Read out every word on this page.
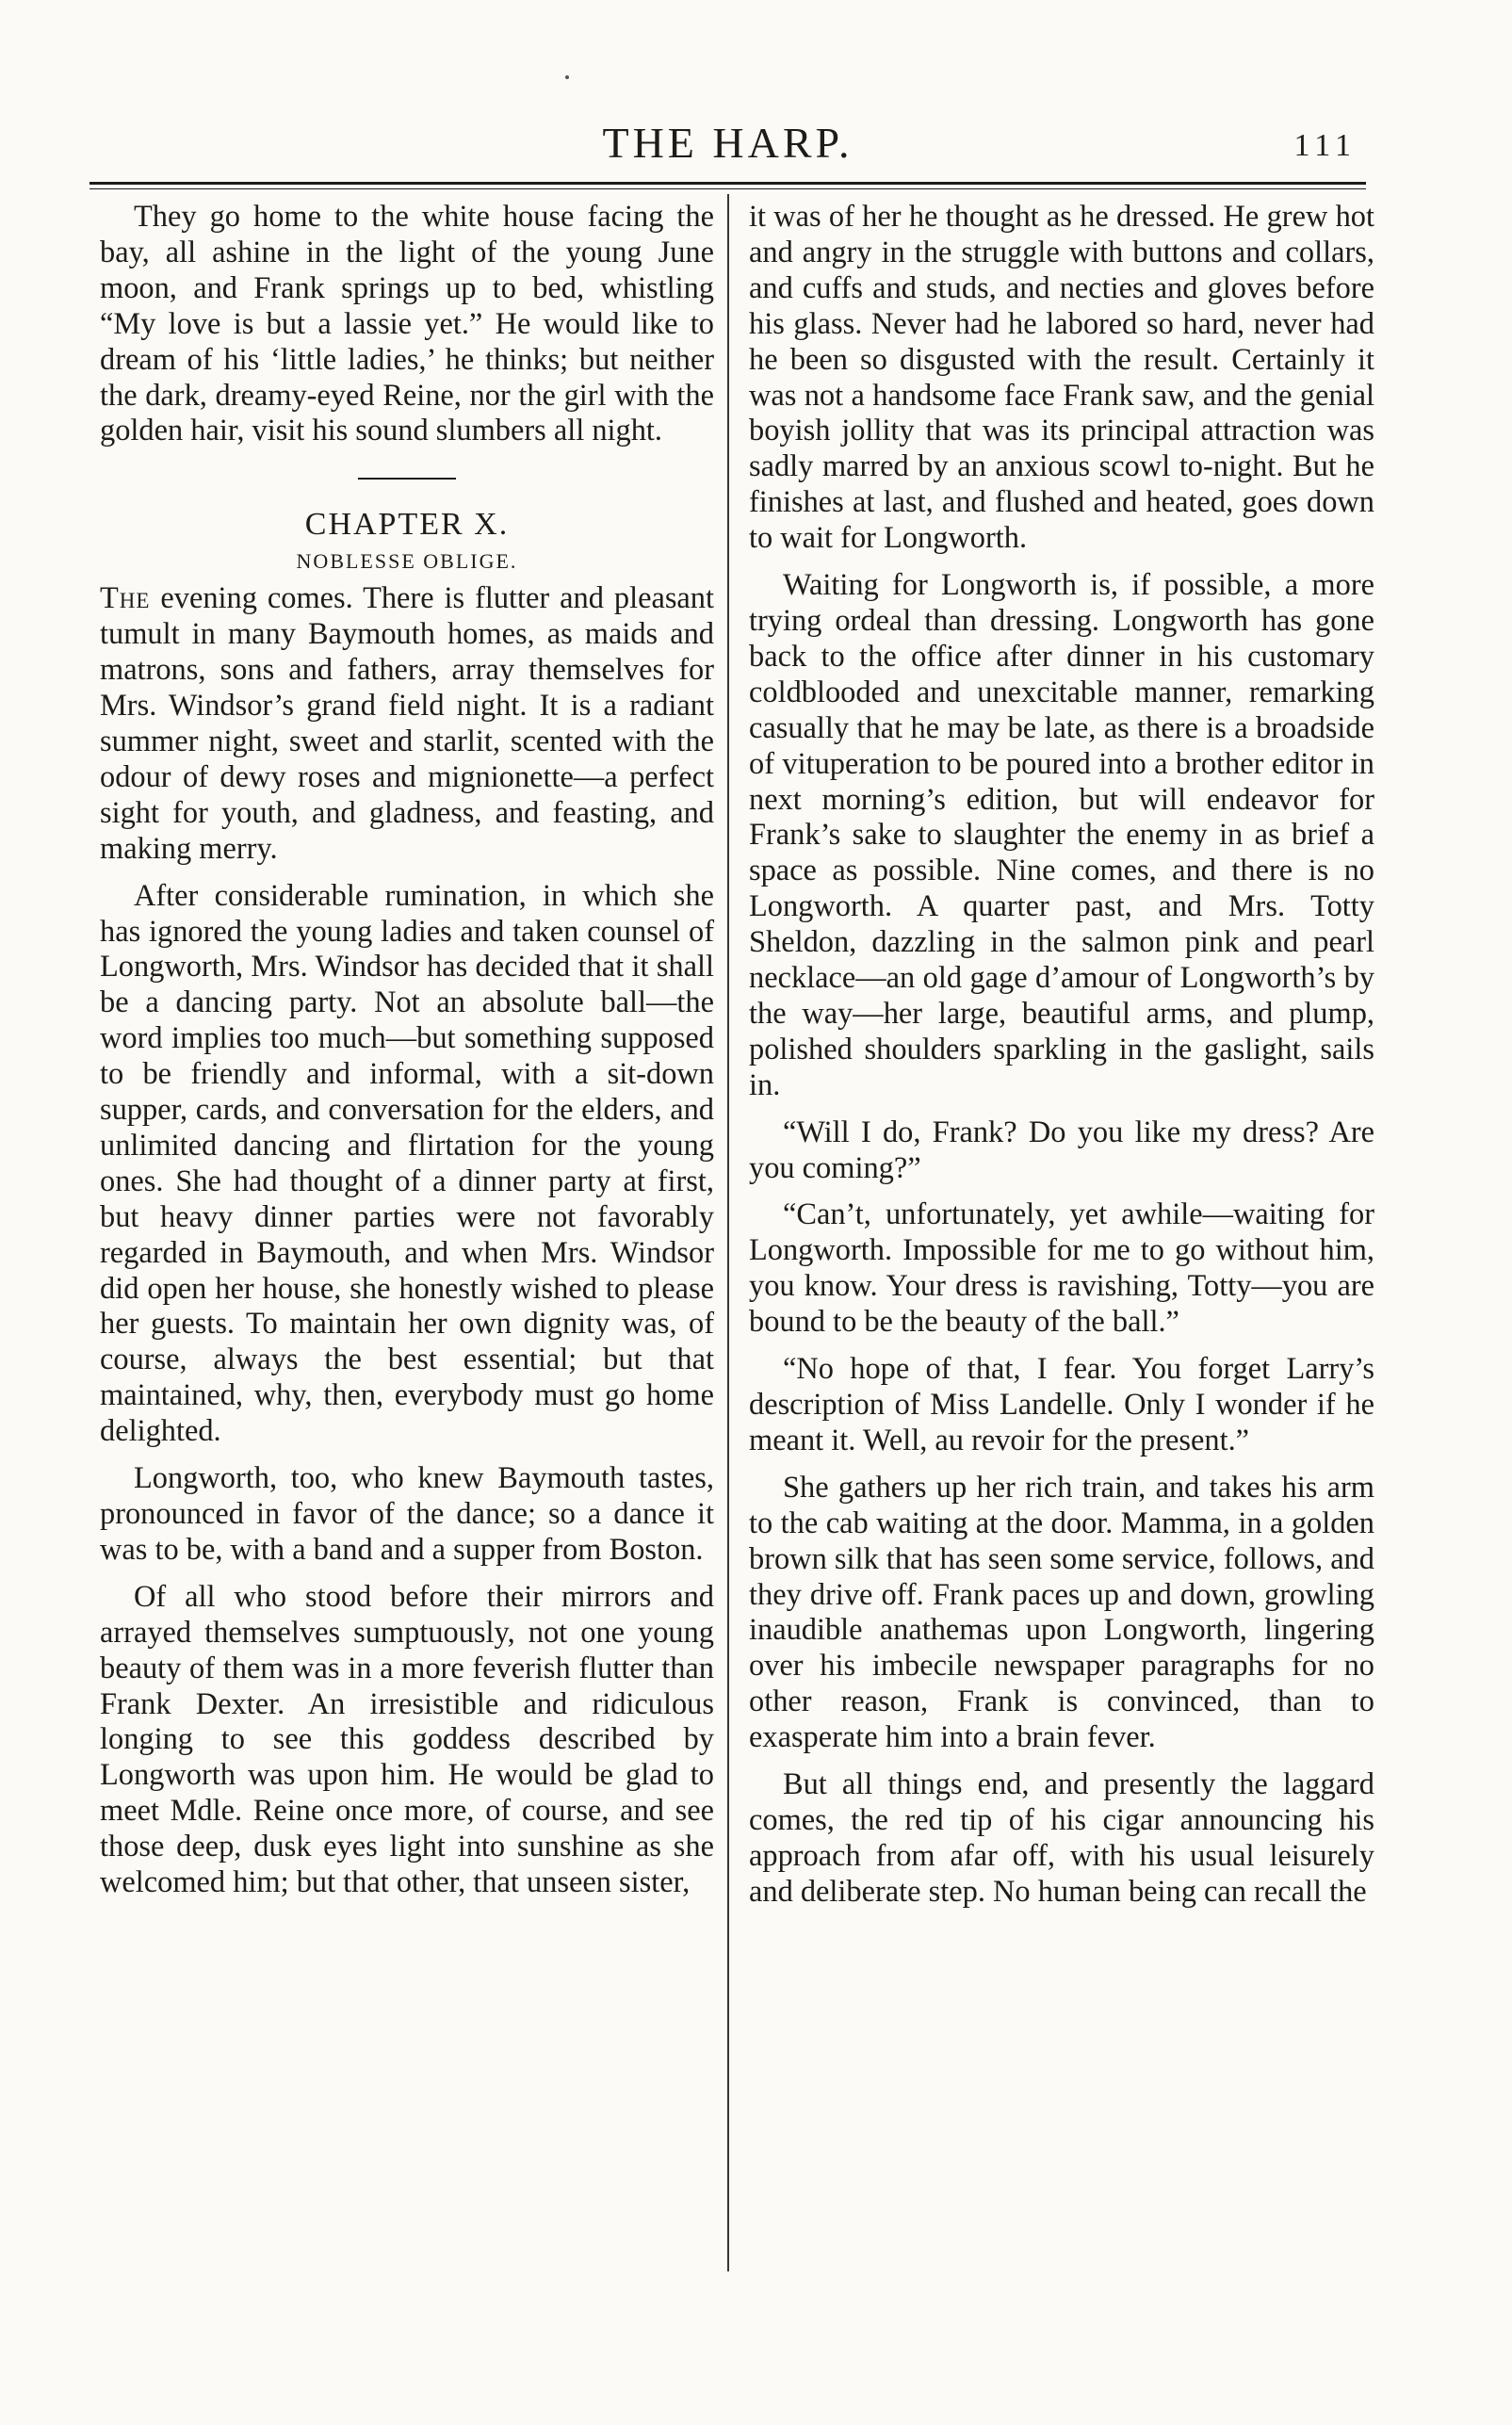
THE HARP.	111

They go home to the white house facing the bay, all ashine in the light of the young June moon, and Frank springs up to bed, whistling “My love is but a lassie yet.” He would like to dream of his ‘little ladies,’ he thinks; but neither the dark, dreamy-eyed Reine, nor the girl with the golden hair, visit his sound slumbers all night.

CHAPTER X.
NOBLESSE OBLIGE.

The evening comes. There is flutter and pleasant tumult in many Baymouth homes, as maids and matrons, sons and fathers, array themselves for Mrs. Windsor’s grand field night. It is a radiant summer night, sweet and starlit, scented with the odour of dewy roses and mignionette—a perfect sight for youth, and gladness, and feasting, and making merry.

After considerable rumination, in which she has ignored the young ladies and taken counsel of Longworth, Mrs. Windsor has decided that it shall be a dancing party. Not an absolute ball—the word implies too much—but something supposed to be friendly and informal, with a sit-down supper, cards, and conversation for the elders, and unlimited dancing and flirtation for the young ones. She had thought of a dinner party at first, but heavy dinner parties were not favorably regarded in Baymouth, and when Mrs. Windsor did open her house, she honestly wished to please her guests. To maintain her own dignity was, of course, always the best essential; but that maintained, why, then, everybody must go home delighted.

Longworth, too, who knew Baymouth tastes, pronounced in favor of the dance; so a dance it was to be, with a band and a supper from Boston.

Of all who stood before their mirrors and arrayed themselves sumptuously, not one young beauty of them was in a more feverish flutter than Frank Dexter. An irresistible and ridiculous longing to see this goddess described by Longworth was upon him. He would be glad to meet Mdle. Reine once more, of course, and see those deep, dusk eyes light into sunshine as she welcomed him; but that other, that unseen sister,

it was of her he thought as he dressed. He grew hot and angry in the struggle with buttons and collars, and cuffs and studs, and necties and gloves before his glass. Never had he labored so hard, never had he been so disgusted with the result. Certainly it was not a handsome face Frank saw, and the genial boyish jollity that was its principal attraction was sadly marred by an anxious scowl to-night. But he finishes at last, and flushed and heated, goes down to wait for Longworth.

Waiting for Longworth is, if possible, a more trying ordeal than dressing. Longworth has gone back to the office after dinner in his customary coldblooded and unexcitable manner, remarking casually that he may be late, as there is a broadside of vituperation to be poured into a brother editor in next morning’s edition, but will endeavor for Frank’s sake to slaughter the enemy in as brief a space as possible. Nine comes, and there is no Longworth. A quarter past, and Mrs. Totty Sheldon, dazzling in the salmon pink and pearl necklace—an old gage d’amour of Longworth’s by the way—her large, beautiful arms, and plump, polished shoulders sparkling in the gaslight, sails in.

“Will I do, Frank? Do you like my dress? Are you coming?”

“Can’t, unfortunately, yet awhile—waiting for Longworth. Impossible for me to go without him, you know. Your dress is ravishing, Totty—you are bound to be the beauty of the ball.”

“No hope of that, I fear. You forget Larry’s description of Miss Landelle. Only I wonder if he meant it. Well, au revoir for the present.”

She gathers up her rich train, and takes his arm to the cab waiting at the door. Mamma, in a golden brown silk that has seen some service, follows, and they drive off. Frank paces up and down, growling inaudible anathemas upon Longworth, lingering over his imbecile newspaper paragraphs for no other reason, Frank is convinced, than to exasperate him into a brain fever.

But all things end, and presently the laggard comes, the red tip of his cigar announcing his approach from afar off, with his usual leisurely and deliberate step. No human being can recall the
